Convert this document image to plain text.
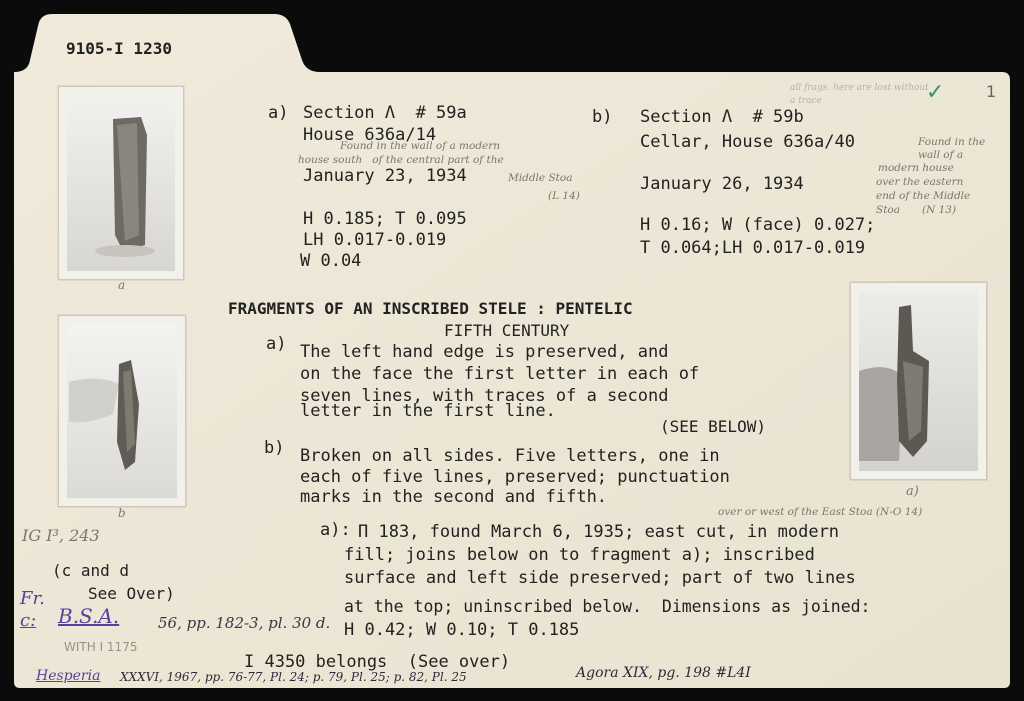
9105-I 1230
all frags. here are lost without a trace	✓	1
a
b
a)
a) Section Λ  # 59a
House 636a/14
Found in the wall of a modern
house south   of the central part of the
January 23, 1934	Middle Stoa
(L 14)
H 0.185; T 0.095
LH 0.017-0.019
W 0.04
b) Section Λ  # 59b
Cellar, House 636a/40
January 26, 1934
H 0.16; W (face) 0.027;
T 0.064;LH 0.017-0.019
Found in the
wall of a
modern house
over the eastern
end of the Middle
Stoa (N 13)
FRAGMENTS OF AN INSCRIBED STELE : PENTELIC
FIFTH CENTURY
a) The left hand edge is preserved, and
on the face the first letter in each of
seven lines, with traces of a second
letter in the first line.
(SEE BELOW)
b) Broken on all sides. Five letters, one in
each of five lines, preserved; punctuation
marks in the second and fifth.
over or west of the East Stoa (N-O 14)
a): Π 183, found March 6, 1935; east cut, in modern
fill; joins below on to fragment a); inscribed
surface and left side preserved; part of two lines
at the top; uninscribed below.  Dimensions as joined:
H 0.42; W 0.10; T 0.185
IG I³, 243
(c and d
See Over)
Fr.
c: B.S.A.	56, pp. 182-3, pl. 30 d.
WITH I 1175
I 4350 belongs  (See over)
Hesperia XXXVI, 1967, pp. 76-77, Pl. 24; p. 79, Pl. 25; p. 82, Pl. 25	Agora XIX, pg. 198 #L4I
